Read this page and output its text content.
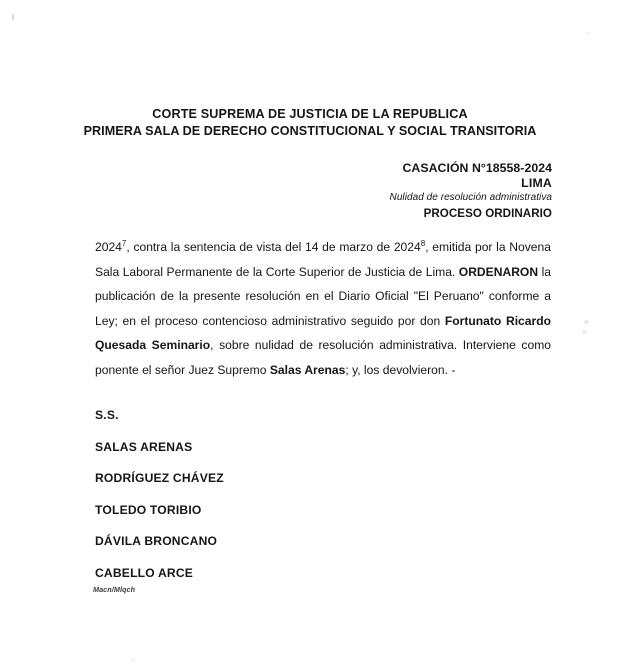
CORTE SUPREMA DE JUSTICIA DE LA REPUBLICA
PRIMERA SALA DE DERECHO CONSTITUCIONAL Y SOCIAL TRANSITORIA
CASACIÓN N°18558-2024
LIMA
Nulidad de resolución administrativa
PROCESO ORDINARIO
2024$^7$, contra la sentencia de vista del 14 de marzo de 2024$^8$, emitida por la Novena Sala Laboral Permanente de la Corte Superior de Justicia de Lima. ORDENARON la publicación de la presente resolución en el Diario Oficial "El Peruano" conforme a Ley; en el proceso contencioso administrativo seguido por don Fortunato Ricardo Quesada Seminario, sobre nulidad de resolución administrativa. Interviene como ponente el señor Juez Supremo Salas Arenas; y, los devolvieron. -
S.S.
SALAS ARENAS
RODRÍGUEZ CHÁVEZ
TOLEDO TORIBIO
DÁVILA BRONCANO
CABELLO ARCE
Macn/Mlqch
